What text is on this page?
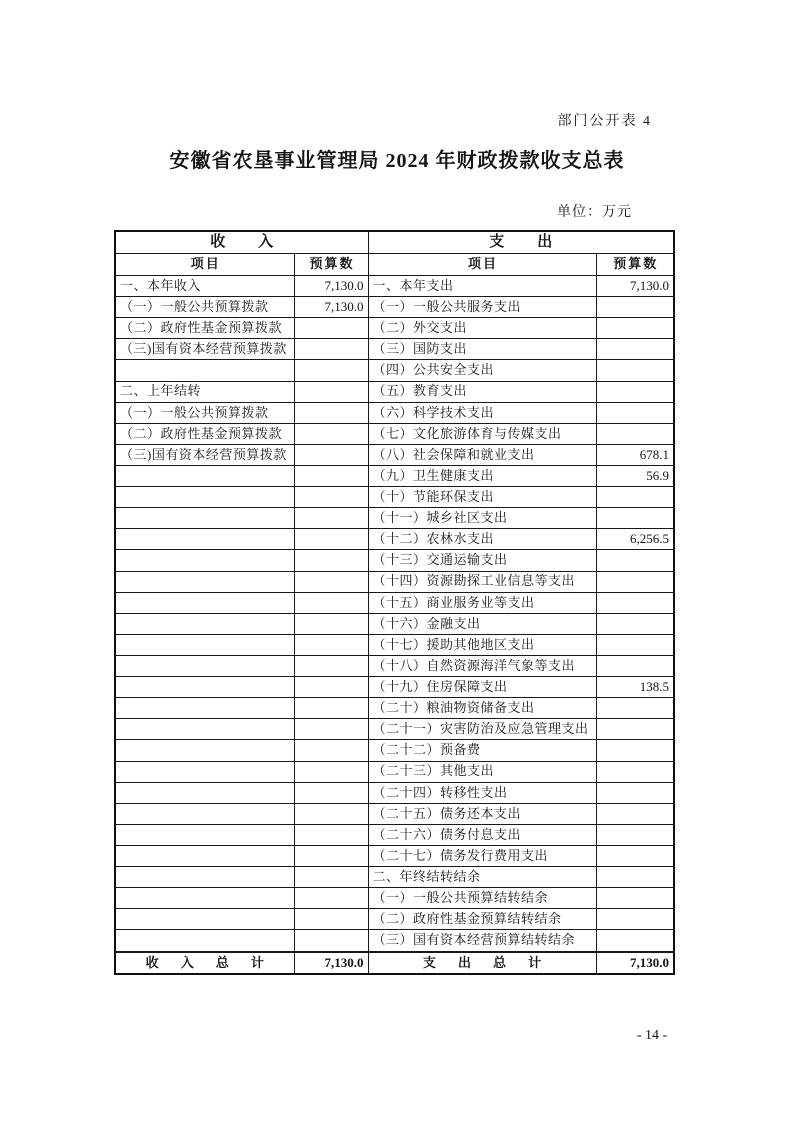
部门公开表 4
安徽省农垦事业管理局 2024 年财政拨款收支总表
单位：万元
收入		支出	
项目	预算数	项目	预算数
一、本年收入	7,130.0	一、本年支出	7,130.0
（一）一般公共预算拨款	7,130.0	（一）一般公共服务支出	
（二）政府性基金预算拨款		（二）外交支出	
（三)国有资本经营预算拨款		（三）国防支出	
		（四）公共安全支出	
二、上年结转		（五）教育支出	
（一）一般公共预算拨款		（六）科学技术支出	
（二）政府性基金预算拨款		（七）文化旅游体育与传媒支出	
（三)国有资本经营预算拨款		（八）社会保障和就业支出	678.1
		（九）卫生健康支出	56.9
		（十）节能环保支出	
		（十一）城乡社区支出	
		（十二）农林水支出	6,256.5
		（十三）交通运输支出	
		（十四）资源勘探工业信息等支出	
		（十五）商业服务业等支出	
		（十六）金融支出	
		（十七）援助其他地区支出	
		（十八）自然资源海洋气象等支出	
		（十九）住房保障支出	138.5
		（二十）粮油物资储备支出	
		（二十一）灾害防治及应急管理支出	
		（二十二）预备费	
		（二十三）其他支出	
		（二十四）转移性支出	
		（二十五）债务还本支出	
		（二十六）债务付息支出	
		（二十七）债务发行费用支出	
		二、年终结转结余	
		（一）一般公共预算结转结余	
		（二）政府性基金预算结转结余	
		（三）国有资本经营预算结转结余	

收入总计	7,130.0	支出总计	7,130.0
- 14 -
